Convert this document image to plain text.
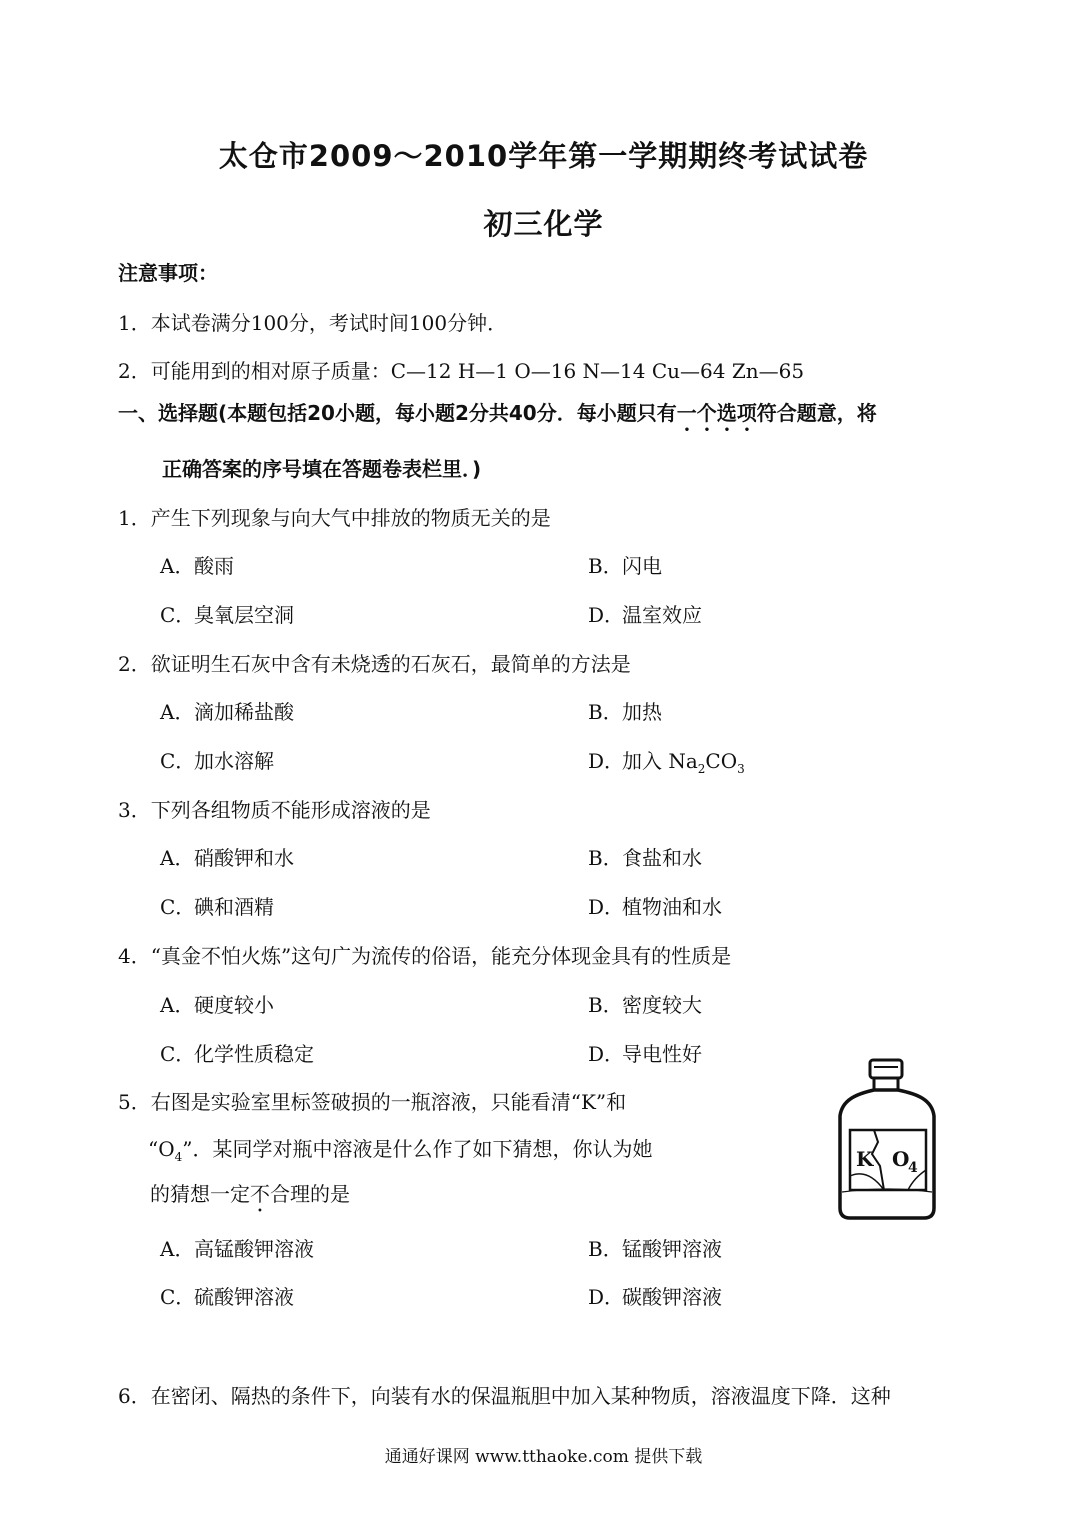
太仓市2009～2010学年第一学期期终考试试卷
初三化学
注意事项：
1．本试卷满分100分，考试时间100分钟．
2．可能用到的相对原子质量：C—12 H—1 O—16 N—14 Cu—64 Zn—65
一、选择题(本题包括20小题，每小题2分共40分．每小题只有一个选项符合题意，将
正确答案的序号填在答题卷表栏里．)
1．产生下列现象与向大气中排放的物质无关的是
A．酸雨	B．闪电
C．臭氧层空洞	D．温室效应
2．欲证明生石灰中含有未烧透的石灰石，最简单的方法是
A．滴加稀盐酸	B．加热
C．加水溶解	D．加入 $Na_2CO_3$
3．下列各组物质不能形成溶液的是
A．硝酸钾和水	B．食盐和水
C．碘和酒精	D．植物油和水
4．“真金不怕火炼”这句广为流传的俗语，能充分体现金具有的性质是
A．硬度较小	B．密度较大
C．化学性质稳定	D．导电性好
5．右图是实验室里标签破损的一瓶溶液，只能看清“K”和
“$O_4$”．某同学对瓶中溶液是什么作了如下猜想，你认为她
的猜想一定不合理的是
A．高锰酸钾溶液	B．锰酸钾溶液
C．硫酸钾溶液	D．碳酸钾溶液
K O
4
6．在密闭、隔热的条件下，向装有水的保温瓶胆中加入某种物质，溶液温度下降．这种
通通好课网 www.tthaoke.com 提供下载
